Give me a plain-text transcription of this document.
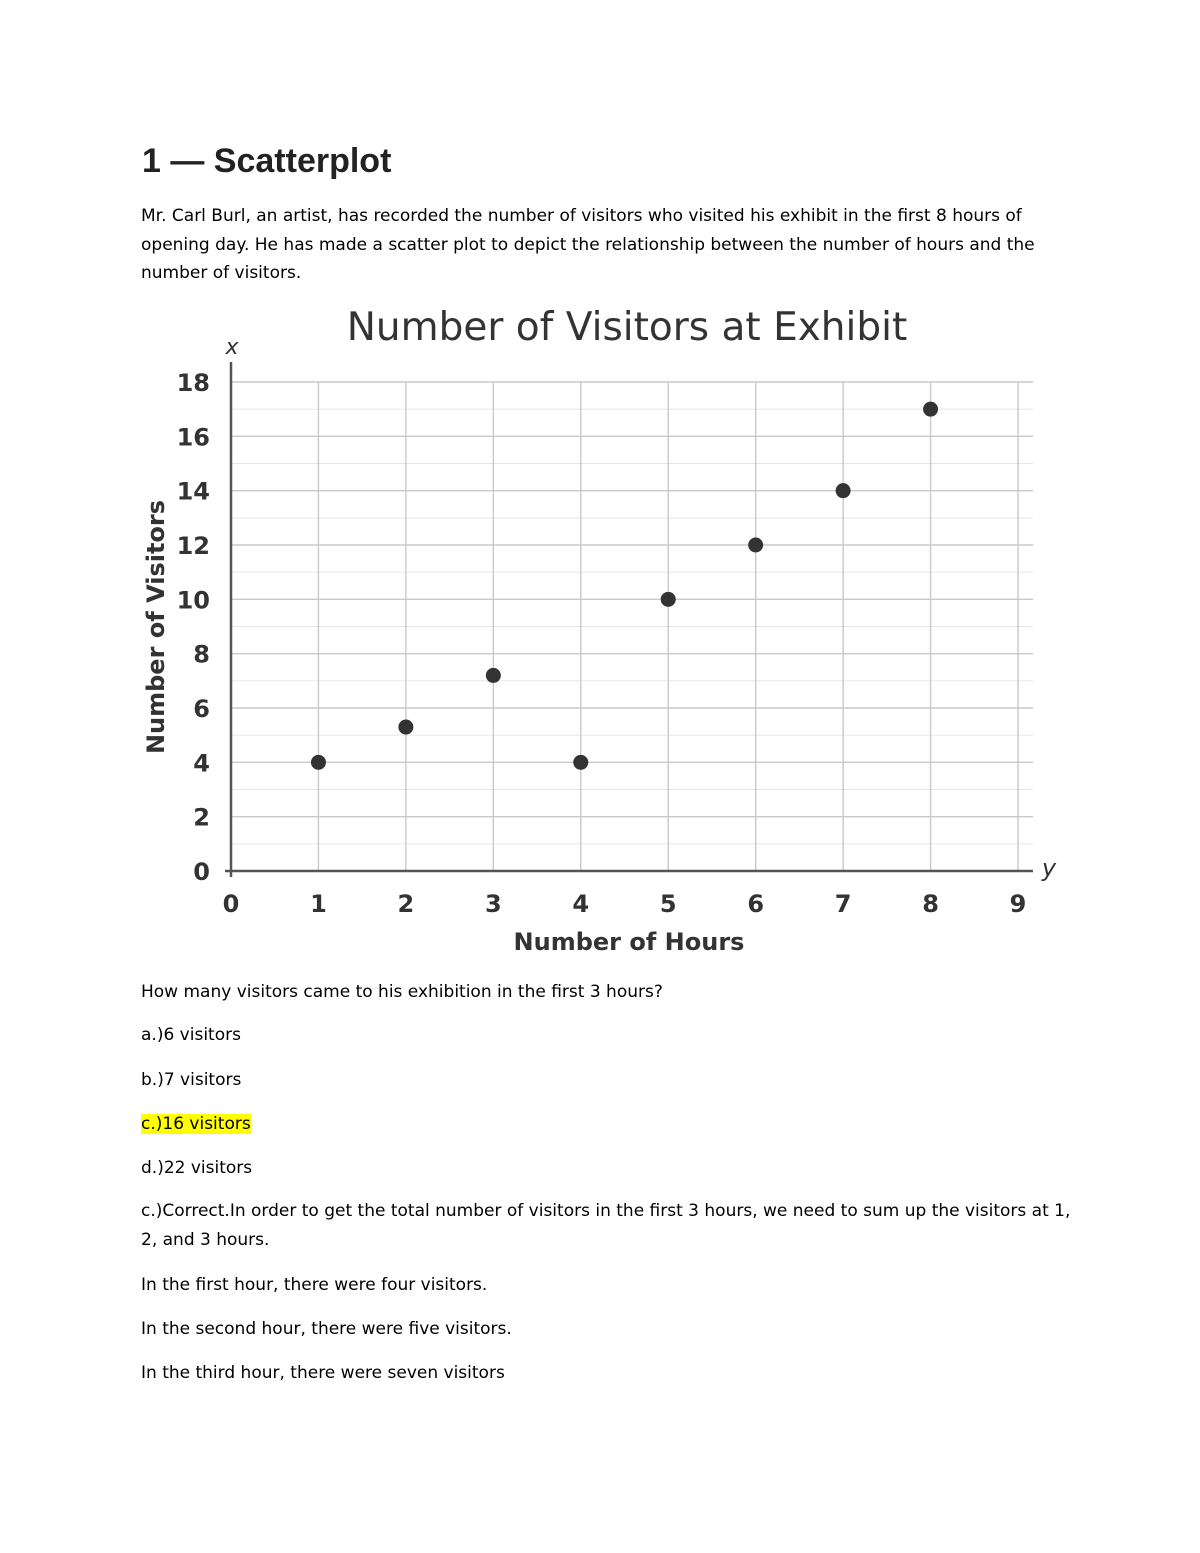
1 — Scatterplot

Mr. Carl Burl, an artist, has recorded the number of visitors who visited his exhibit in the first 8 hours of opening day. He has made a scatter plot to depict the relationship between the number of hours and the number of visitors.

0	1	2	3	4	5	6	7	8	9
0
2
4
6
8
10
12
14
16
18
Number of Visitors at Exhibit
Number of Hours
Number of Visitors
x
y

How many visitors came to his exhibition in the first 3 hours?

a.)6 visitors

b.)7 visitors

c.)16 visitors

d.)22 visitors

c.)Correct.In order to get the total number of visitors in the first 3 hours, we need to sum up the visitors at 1, 2, and 3 hours.

In the first hour, there were four visitors.

In the second hour, there were five visitors.

In the third hour, there were seven visitors
